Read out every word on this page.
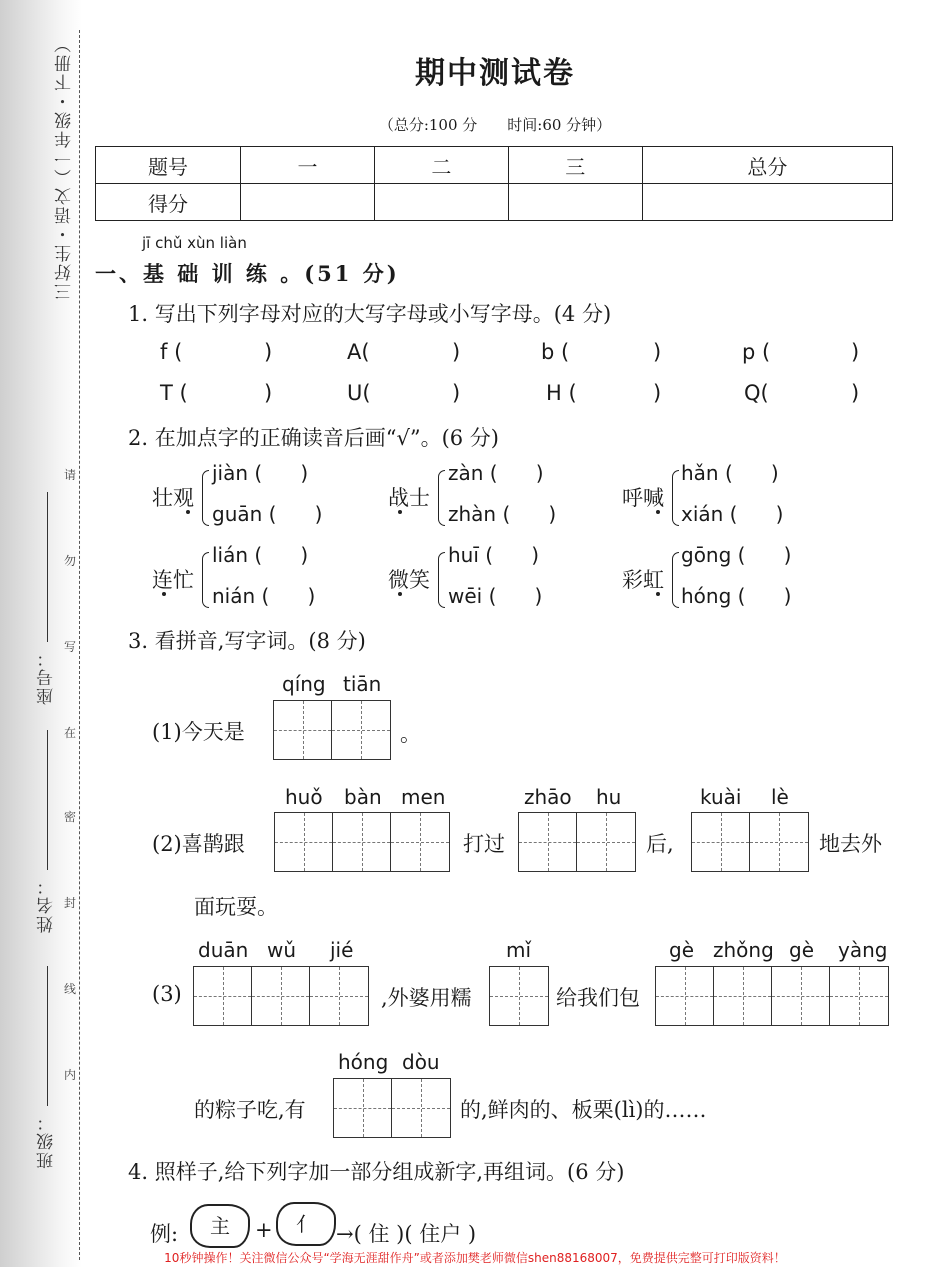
三好生・语文（一年级・下册）
请
勿
写
在
密
封
线
内
座号：
姓名：
班级：
期中测试卷
（总分:100 分　　时间:60 分钟）
题号	一	二	三	总分
得分				
jī chǔ xùn liàn
一、基 础 训 练 。(51 分)
1. 写出下列字母对应的大写字母或小写字母。(4 分)
f (	)	A(	)	b (	)	p (	)
T (	)	U(	)	H (	)	Q(	)
2. 在加点字的正确读音后画“√”。(6 分)
壮观
jiàn (      )
guān (      )
战士
zàn (      )
zhàn (      )
呼喊
hǎn (      )
xián (      )
连忙
lián (      )
nián (      )
微笑
huī (      )
wēi (      )
彩虹
gōng (      )
hóng (      )
3. 看拼音,写字词。(8 分)
qíng tiān
(1)今天是	。
huǒ bàn men	zhāo hu	kuài lè
(2)喜鹊跟	打过	后,	地去外
面玩耍。
duān wǔ jié	mǐ	gè zhǒng gè yàng
(3)	,外婆用糯	给我们包
hóng dòu
的粽子吃,有	的,鲜肉的、板栗(lì)的……
4. 照样子,给下列字加一部分组成新字,再组词。(6 分)
例:	主	+	亻 →( 住 )( 住户 )
10秒钟操作！关注微信公众号“学海无涯甜作舟”或者添加樊老师微信shen88168007，免费提供完整可打印版资料！
